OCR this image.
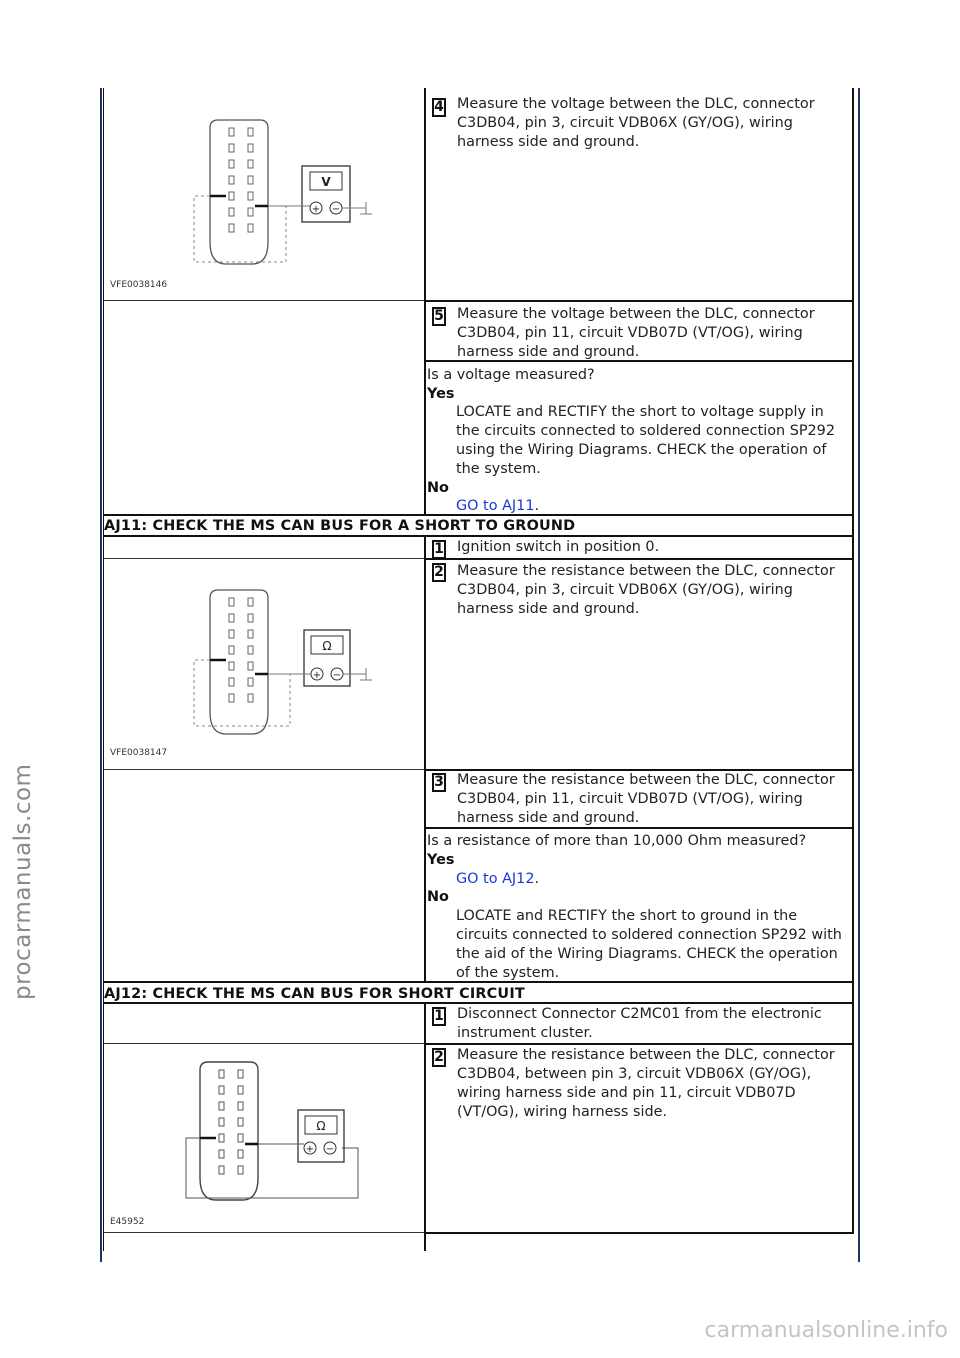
procarmanuals.com
carmanualsonline.info
V
+ −
VFE0038146
4 Measure the voltage between the DLC, connector C3DB04, pin 3, circuit VDB06X (GY/OG), wiring harness side and ground.
5 Measure the voltage between the DLC, connector C3DB04, pin 11, circuit VDB07D (VT/OG), wiring harness side and ground.
Is a voltage measured?
Yes
LOCATE and RECTIFY the short to voltage supply in the circuits connected to soldered connection SP292 using the Wiring Diagrams. CHECK the operation of the system.
No
GO to AJ11.
AJ11: CHECK THE MS CAN BUS FOR A SHORT TO GROUND
1 Ignition switch in position 0.
Ω
+ −
VFE0038147
2 Measure the resistance between the DLC, connector C3DB04, pin 3, circuit VDB06X (GY/OG), wiring harness side and ground.
3 Measure the resistance between the DLC, connector C3DB04, pin 11, circuit VDB07D (VT/OG), wiring harness side and ground.
Is a resistance of more than 10,000 Ohm measured?
Yes
GO to AJ12.
No
LOCATE and RECTIFY the short to ground in the circuits connected to soldered connection SP292 with the aid of the Wiring Diagrams. CHECK the operation of the system.
AJ12: CHECK THE MS CAN BUS FOR SHORT CIRCUIT
1 Disconnect Connector C2MC01 from the electronic instrument cluster.
Ω
+ −
E45952
2 Measure the resistance between the DLC, connector C3DB04, between pin 3, circuit VDB06X (GY/OG), wiring harness side and pin 11, circuit VDB07D (VT/OG), wiring harness side.
